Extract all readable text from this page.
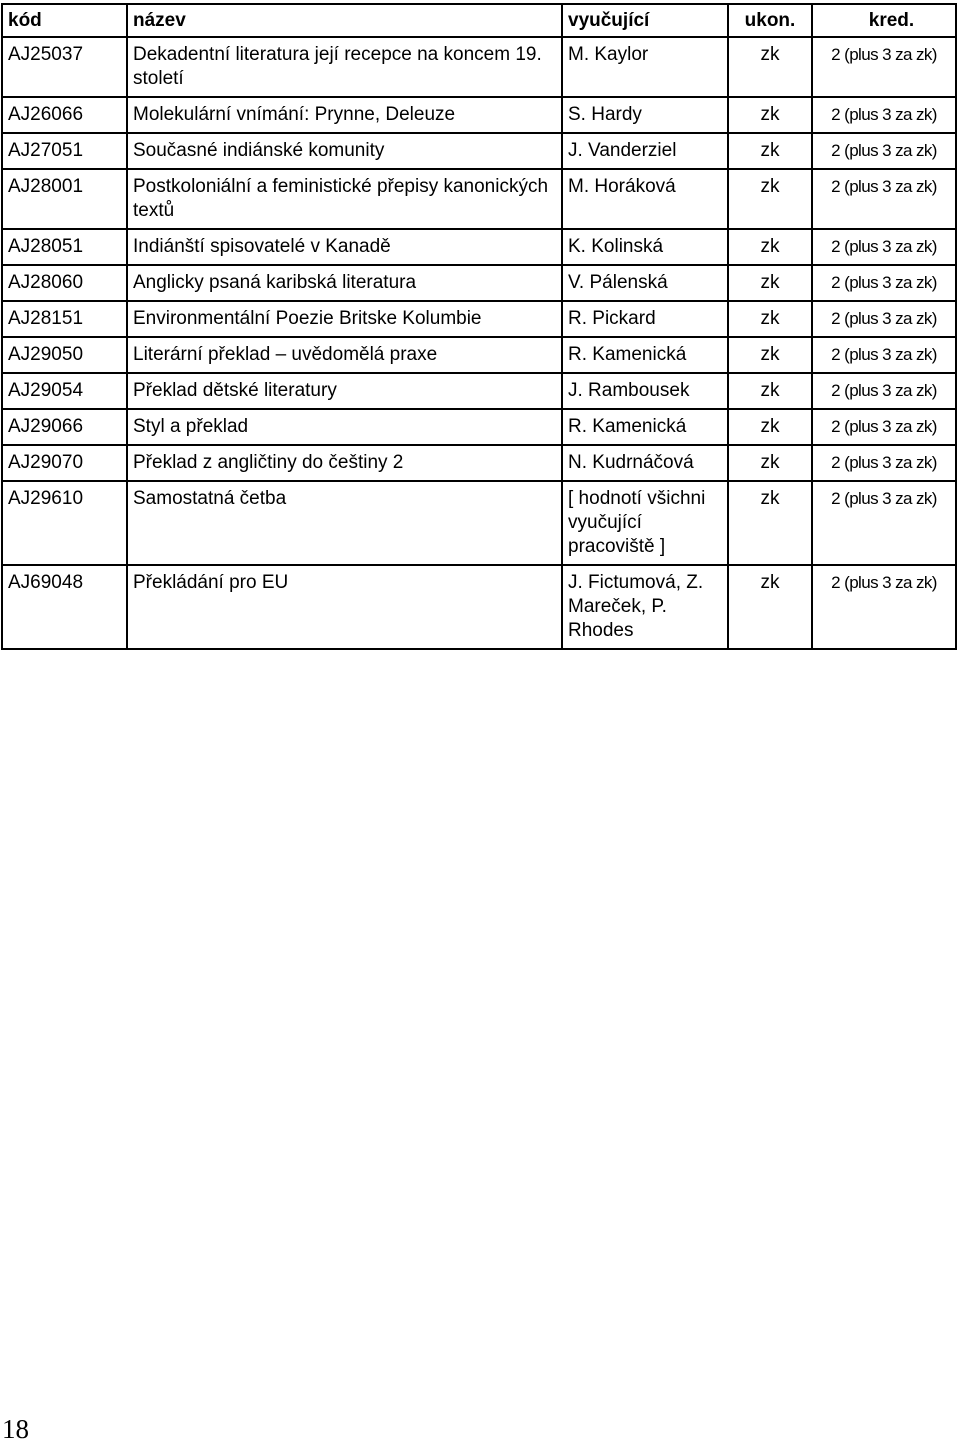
kód	název	vyučující	ukon.	kred.
AJ25037	Dekadentní literatura její recepce na koncem 19. století	M. Kaylor	zk	2 (plus 3 za zk)
AJ26066	Molekulární vnímání: Prynne, Deleuze	S. Hardy	zk	2 (plus 3 za zk)
AJ27051	Současné indiánské komunity	J. Vanderziel	zk	2 (plus 3 za zk)
AJ28001	Postkoloniální a feministické přepisy kanonických textů	M. Horáková	zk	2 (plus 3 za zk)
AJ28051	Indiánští spisovatelé v Kanadě	K. Kolinská	zk	2 (plus 3 za zk)
AJ28060	Anglicky psaná karibská literatura	V. Pálenská	zk	2 (plus 3 za zk)
AJ28151	Environmentální Poezie Britske Kolumbie	R. Pickard	zk	2 (plus 3 za zk)
AJ29050	Literární překlad – uvědomělá praxe	R. Kamenická	zk	2 (plus 3 za zk)
AJ29054	Překlad dětské literatury	J. Rambousek	zk	2 (plus 3 za zk)
AJ29066	Styl a překlad	R. Kamenická	zk	2 (plus 3 za zk)
AJ29070	Překlad z angličtiny do češtiny 2	N. Kudrnáčová	zk	2 (plus 3 za zk)
AJ29610	Samostatná četba	[ hodnotí všichni vyučující pracoviště ]	zk	2 (plus 3 za zk)
AJ69048	Překládání pro EU	J. Fictumová, Z. Mareček, P. Rhodes	zk	2 (plus 3 za zk)
18
